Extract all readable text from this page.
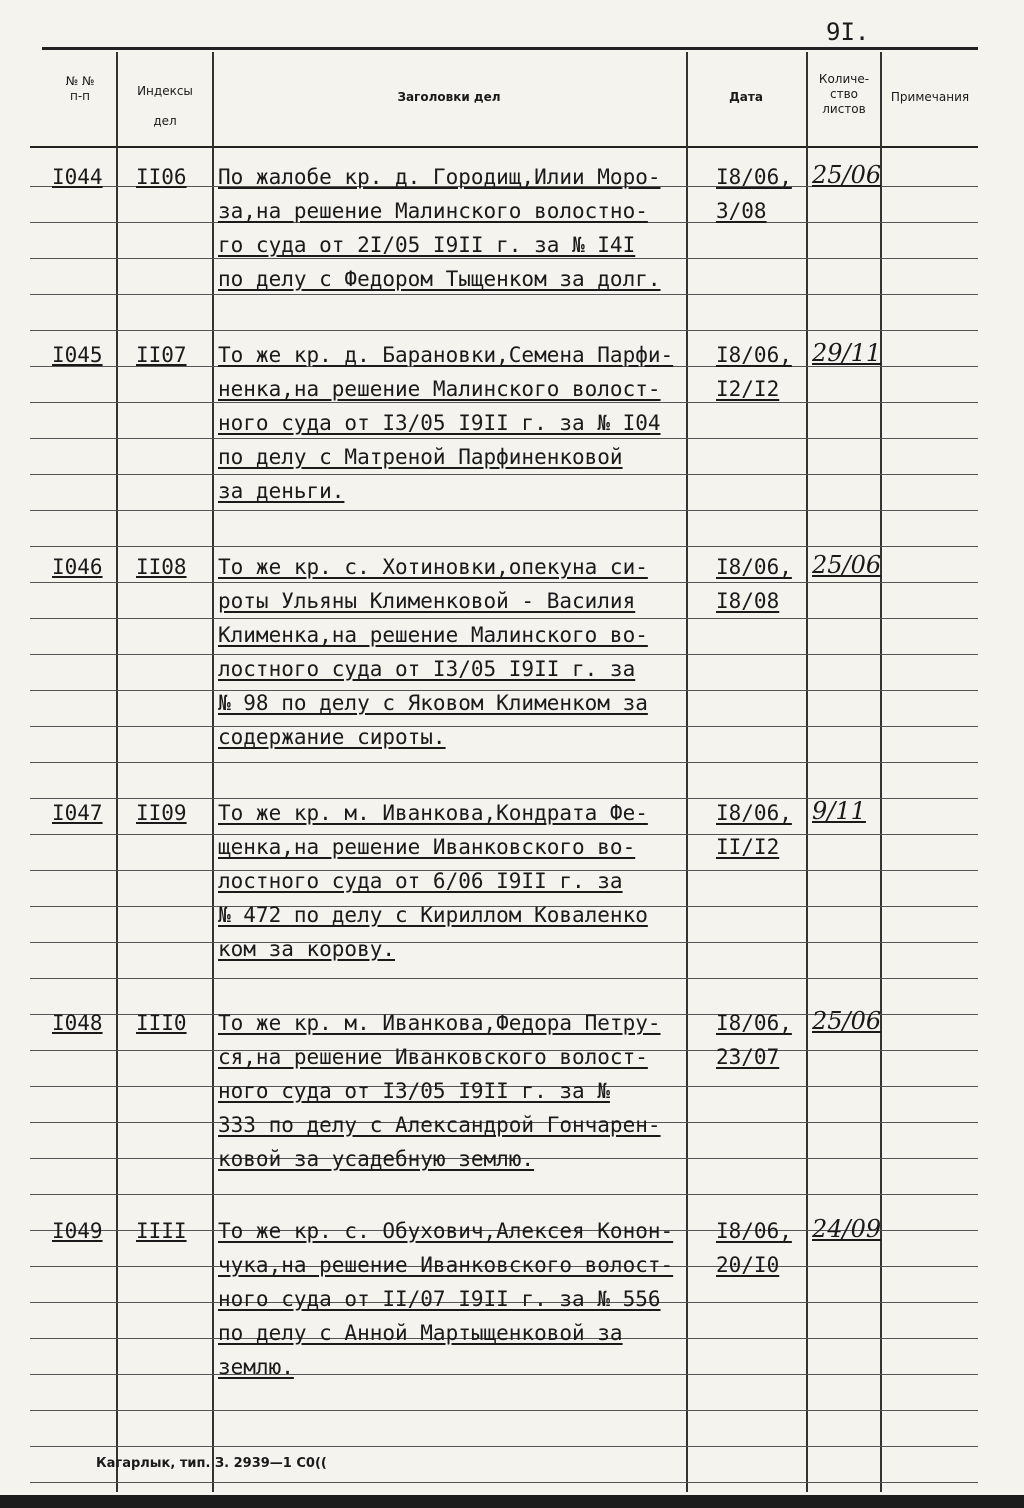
9I.
№ №
п-п	Индексы
дел
Заголовки дел	Дата
Количе-
ство
листов
Примечания
I044 II06 По жалобе кр. д. Городищ,Илии Моро-
за,на решение Малинского волостно-
го суда от 2I/05 I9II г. за № I4I
по делу с Федором Тыщенком за долг.
I8/06,
3/08
25/06
I045 II07 То же кр. д. Барановки,Семена Парфи-
ненка,на решение Малинского волост-
ного суда от I3/05 I9II г. за № I04
по делу с Матреной Парфиненковой
за деньги.
I8/06,
I2/I2
29/11
I046 II08 То же кр. с. Хотиновки,опекуна си-
роты Ульяны Клименковой - Василия
Клименка,на решение Малинского во-
лостного суда от I3/05 I9II г. за
№ 98 по делу с Яковом Клименком за
содержание сироты.
I8/06,
I8/08
25/06
I047 II09 То же кр. м. Иванкова,Кондрата Фе-
щенка,на решение Иванковского во-
лостного суда от 6/06 I9II г. за
№ 472 по делу с Кириллом Коваленко
ком за корову.
I8/06,
II/I2
9/11
I048 III0 То же кр. м. Иванкова,Федора Петру-
ся,на решение Иванковского волост-
ного суда от I3/05 I9II г. за №
333 по делу с Александрой Гончарен-
ковой за усадебную землю.
I8/06,
23/07
25/06
I049 IIII То же кр. с. Обухович,Алексея Конон-
чука,на решение Иванковского волост-
ного суда от II/07 I9II г. за № 556
по делу с Анной Мартыщенковой за
землю.
I8/06,
20/I0
24/09
Кагарлык, тип. З. 2939—1 С0((
